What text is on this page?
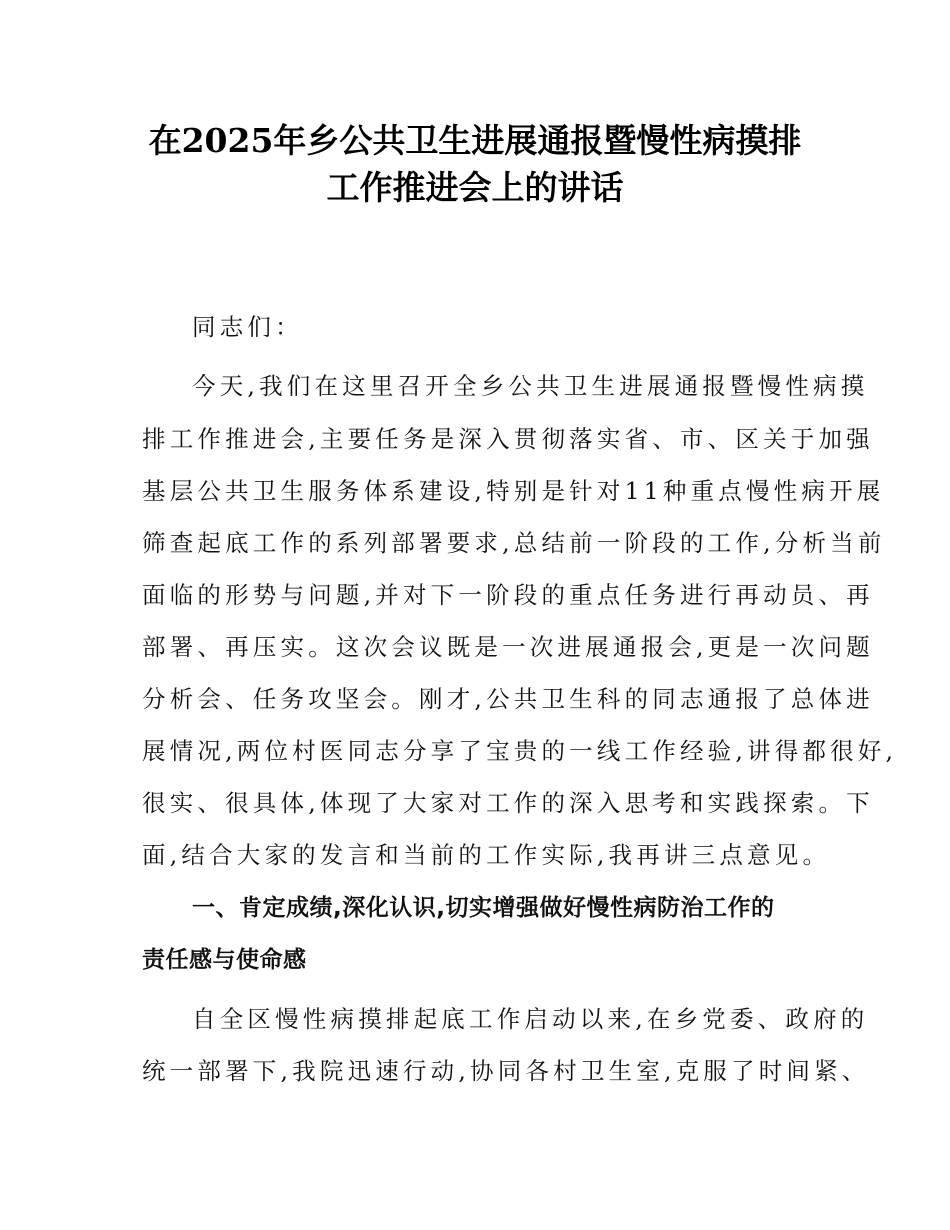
在2025年乡公共卫生进展通报暨慢性病摸排
工作推进会上的讲话
同志们：
今天,我们在这里召开全乡公共卫生进展通报暨慢性病摸
排工作推进会,主要任务是深入贯彻落实省、市、区关于加强
基层公共卫生服务体系建设,特别是针对11种重点慢性病开展
筛查起底工作的系列部署要求,总结前一阶段的工作,分析当前
面临的形势与问题,并对下一阶段的重点任务进行再动员、再
部署、再压实。这次会议既是一次进展通报会,更是一次问题
分析会、任务攻坚会。刚才,公共卫生科的同志通报了总体进
展情况,两位村医同志分享了宝贵的一线工作经验,讲得都很好,
很实、很具体,体现了大家对工作的深入思考和实践探索。下
面,结合大家的发言和当前的工作实际,我再讲三点意见。
一、肯定成绩,深化认识,切实增强做好慢性病防治工作的
责任感与使命感
自全区慢性病摸排起底工作启动以来,在乡党委、政府的
统一部署下,我院迅速行动,协同各村卫生室,克服了时间紧、
